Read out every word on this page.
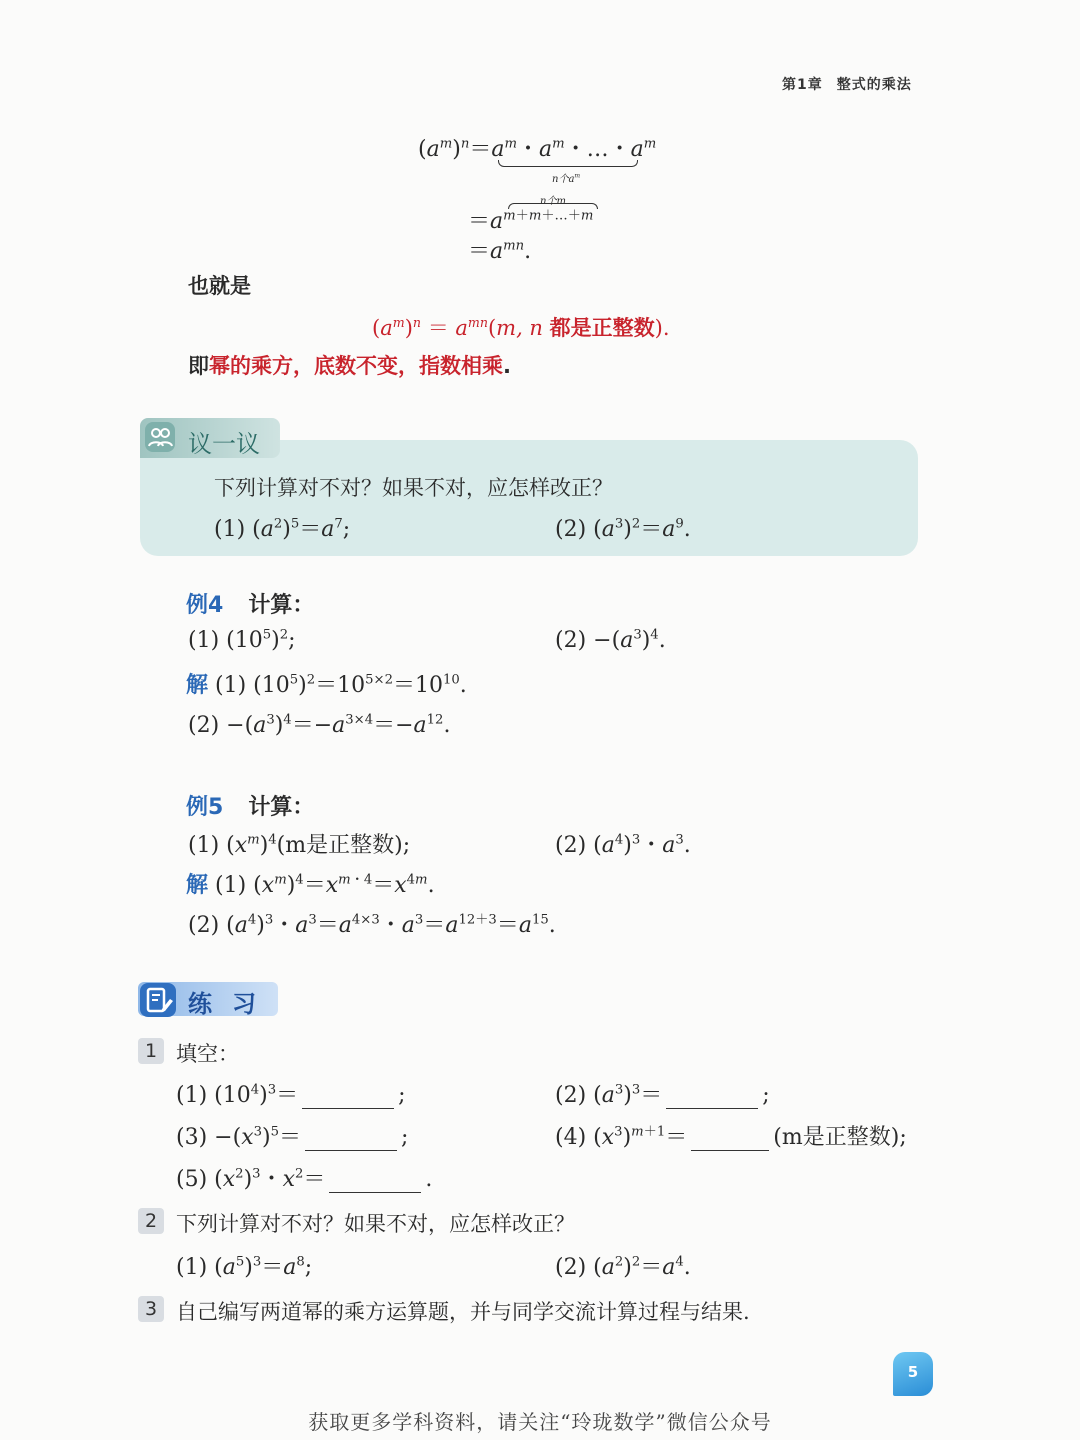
第1章 整式的乘法
$(a^m)^n=a^m$・$a^m$・…・$a^m$
n个$a^m$
n个m
$=a^{m+m+\dots+m}$
$=a^{mn}$.
也就是
$(a^m)^n = a^{mn}(m$, n 都是正整数).
即幂的乘方，底数不变，指数相乘.
议一议
下列计算对不对？如果不对，应怎样改正？
(1) $(a^2)^5=a^7$;	(2) $(a^3)^2=a^9$.
例4 计算：
(1) $(10^5)^2$;	$(2) -(a^3)^4$.
解 (1) $(10^5)^2=10^{5\times 2}=10^{10}$.
$(2) -(a^3)^4=-a^{3\times 4}=-a^{12}$.
例5 计算：
(1) $(x^m)^4(m$是正整数);	(2) $(a^4)^3$・$a^3$.
解 (1) $(x^m)^4=x^{m・4}=x^{4m}$.
(2) $(a^4)^3$・$a^3=a^{4\times 3}$・$a^3=a^{12+3}=a^{15}$.
练习
1 填空：
(1) $(10^4)^3=$	;	(2) $(a^3)^3=$	;
$(3) -(x^3)^5=$	;	(4) $(x^3)^{m+1}=$	(m是正整数);
(5) $(x^2)^3$・$x^2=$	.
2 下列计算对不对？如果不对，应怎样改正？
(1) $(a^5)^3=a^8$;	(2) $(a^2)^2=a^4$.
3 自己编写两道幂的乘方运算题，并与同学交流计算过程与结果.
5
获取更多学科资料，请关注“玲珑数学”微信公众号
